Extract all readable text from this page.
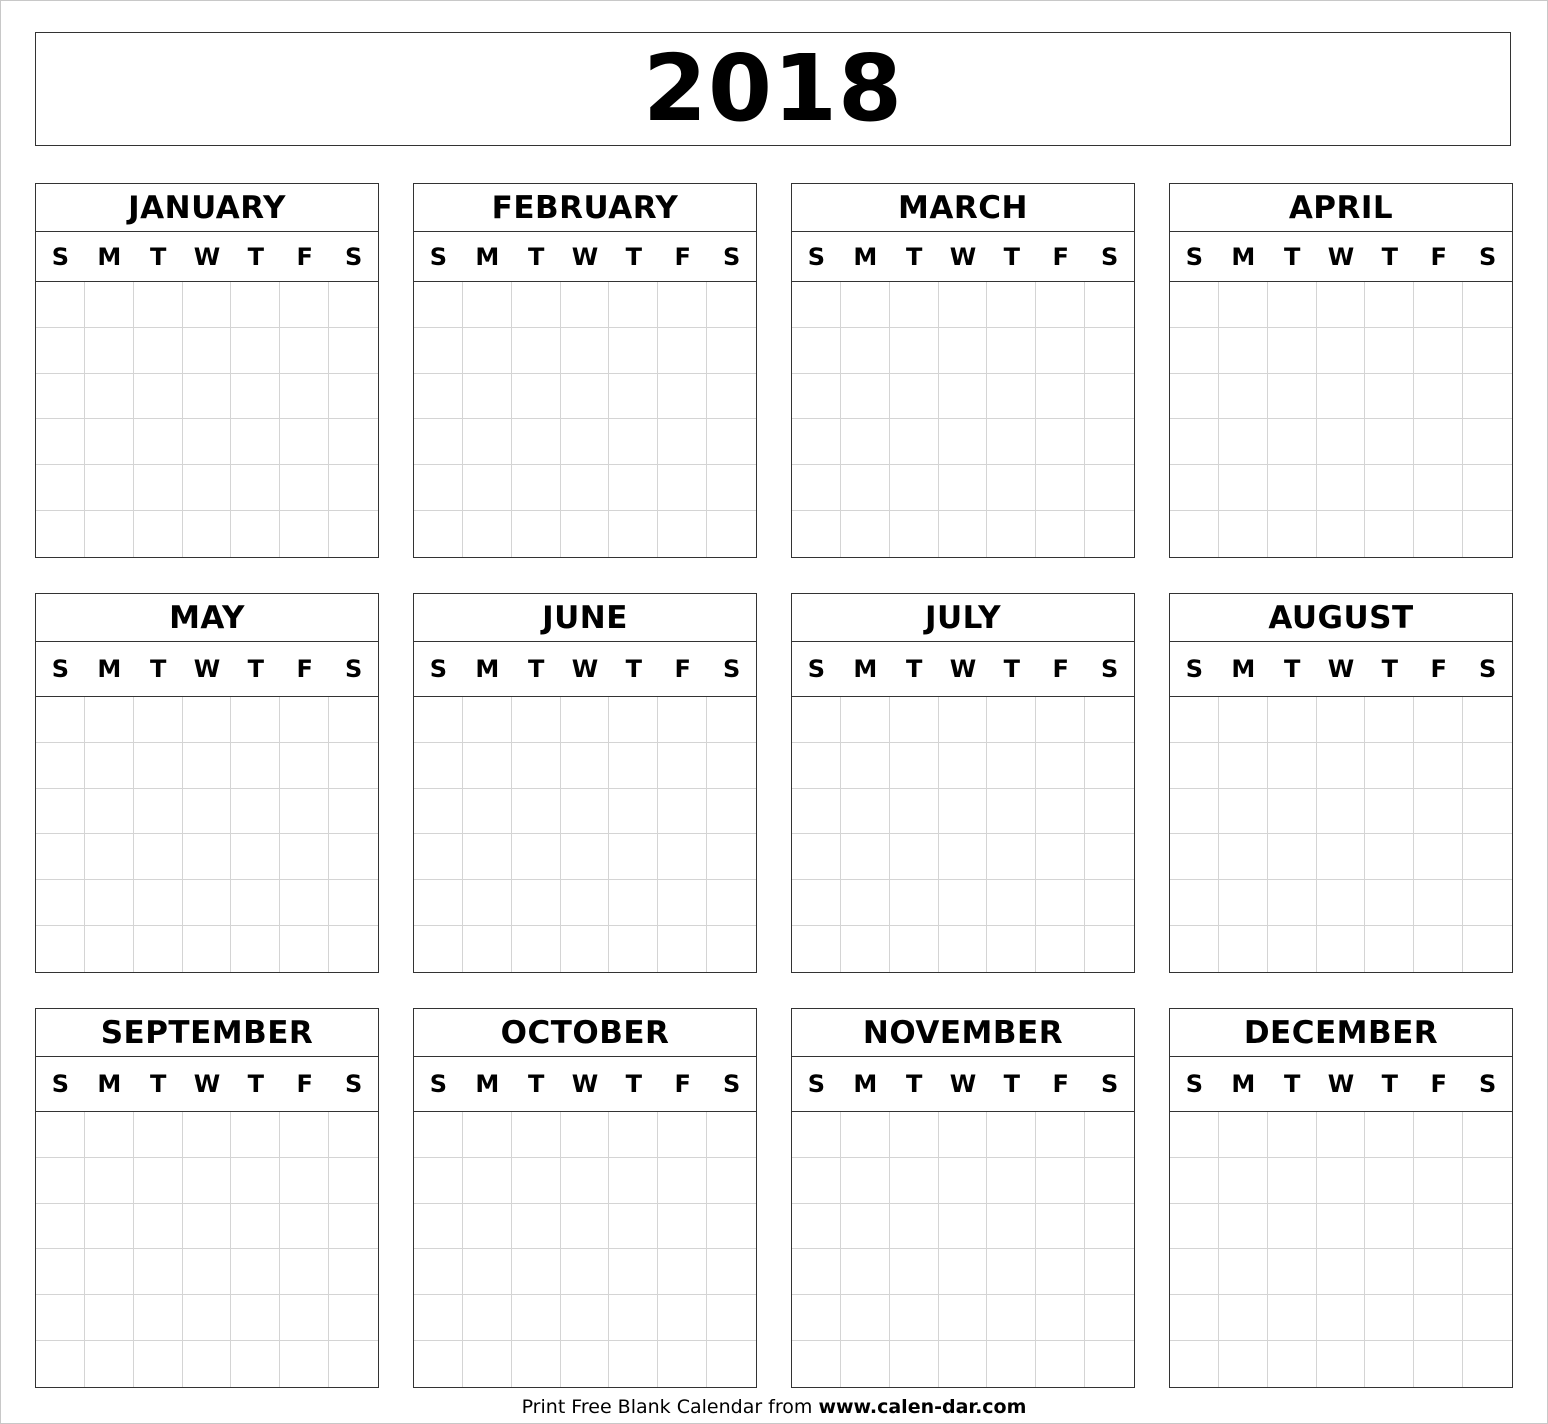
2018
JANUARY
S	M	T	W	T	F	S
FEBRUARY
S	M	T	W	T	F	S
MARCH
S	M	T	W	T	F	S
APRIL
S	M	T	W	T	F	S
MAY
S	M	T	W	T	F	S
JUNE
S	M	T	W	T	F	S
JULY
S	M	T	W	T	F	S
AUGUST
S	M	T	W	T	F	S
SEPTEMBER
S	M	T	W	T	F	S
OCTOBER
S	M	T	W	T	F	S
NOVEMBER
S	M	T	W	T	F	S
DECEMBER
S	M	T	W	T	F	S
Print Free Blank Calendar from www.calen-dar.com
